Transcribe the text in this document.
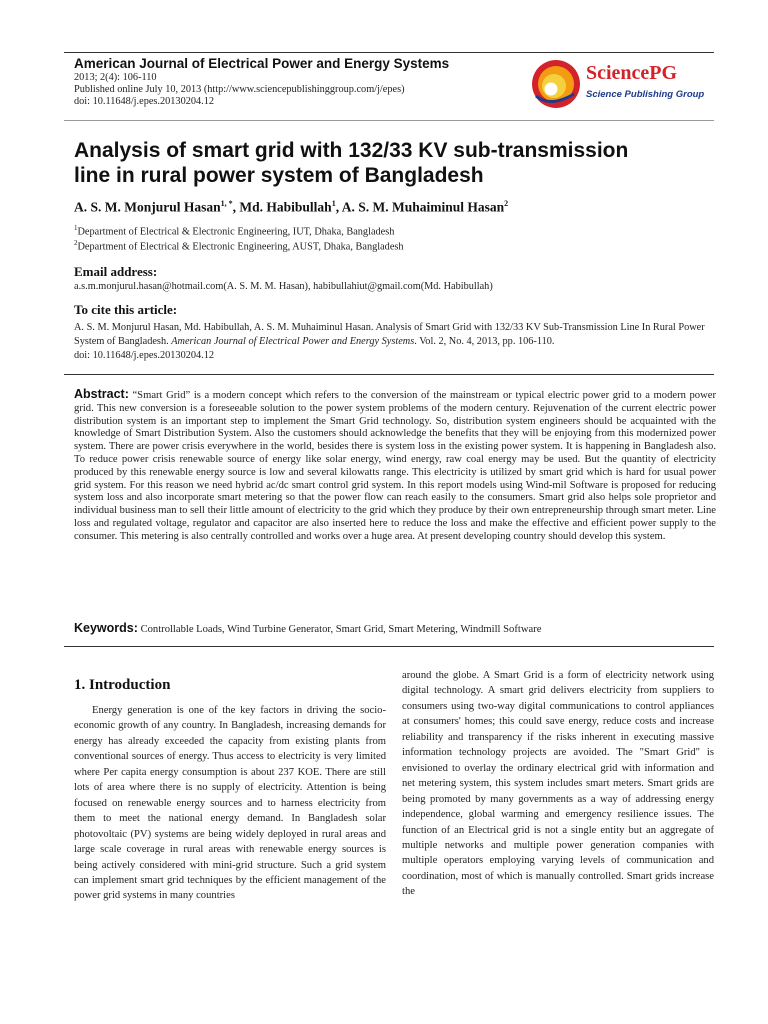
American Journal of Electrical Power and Energy Systems
2013; 2(4): 106-110
Published online July 10, 2013 (http://www.sciencepublishinggroup.com/j/epes)
doi: 10.11648/j.epes.20130204.12
SciencePG
Science Publishing Group
Analysis of smart grid with 132/33 KV sub-transmission
line in rural power system of Bangladesh
A. S. M. Monjurul Hasan$^{1, *}$, Md. Habibullah$^1$, A. S. M. Muhaiminul Hasan$^2$
$^1$Department of Electrical & Electronic Engineering, IUT, Dhaka, Bangladesh
$^2$Department of Electrical & Electronic Engineering, AUST, Dhaka, Bangladesh
Email address:
a.s.m.monjurul.hasan@hotmail.com(A. S. M. M. Hasan), habibullahiut@gmail.com(Md. Habibullah)
To cite this article:
A. S. M. Monjurul Hasan, Md. Habibullah, A. S. M. Muhaiminul Hasan. Analysis of Smart Grid with 132/33 KV Sub-Transmission Line In Rural Power System of Bangladesh. American Journal of Electrical Power and Energy Systems. Vol. 2, No. 4, 2013, pp. 106-110.
doi: 10.11648/j.epes.20130204.12
Abstract: “Smart Grid” is a modern concept which refers to the conversion of the mainstream or typical electric power grid to a modern power grid. This new conversion is a foreseeable solution to the power system problems of the modern century. Rejuvenation of the current electric power distribution system is an important step to implement the Smart Grid technology. So, distribution system engineers should be acquainted with the knowledge of Smart Distribution System. Also the customers should acknowledge the benefits that they will be enjoying from this modernized power system. There are power crisis everywhere in the world, besides there is system loss in the existing power system. It is happening in Bangladesh also. To reduce power crisis renewable source of energy like solar energy, wind energy, raw coal energy may be used. But the quantity of electricity produced by this renewable energy source is low and several kilowatts range. This electricity is utilized by smart grid which is hard for usual power grid system. For this reason we need hybrid ac/dc smart control grid system. In this report models using Wind-mil Software is proposed for reducing system loss and also incorporate smart metering so that the power flow can reach easily to the consumers. Smart grid also helps sole proprietor and individual business man to sell their little amount of electricity to the grid which they produce by their own entrepreneurship through smart meter. Line loss and regulated voltage, regulator and capacitor are also inserted here to reduce the loss and make the effective and efficient power supply to the consumer. This metering is also centrally controlled and works over a huge area. At present developing country should develop this system.
Keywords: Controllable Loads, Wind Turbine Generator, Smart Grid, Smart Metering, Windmill Software
1. Introduction
Energy generation is one of the key factors in driving the socio-economic growth of any country. In Bangladesh, increasing demands for energy has already exceeded the capacity from existing plants from conventional sources of energy. Thus access to electricity is very limited where Per capita energy consumption is about 237 KOE. There are still lots of area where there is no supply of electricity. Attention is being focused on renewable energy sources and to harness electricity from them to meet the national energy demand. In Bangladesh solar photovoltaic (PV) systems are being widely deployed in rural areas and large scale coverage in rural areas with renewable energy sources is being actively considered with mini-grid structure. Such a grid system can implement smart grid techniques by the efficient management of the power grid systems in many countries
around the globe. A Smart Grid is a form of electricity network using digital technology. A smart grid delivers electricity from suppliers to consumers using two-way digital communications to control appliances at consumers' homes; this could save energy, reduce costs and increase reliability and transparency if the risks inherent in executing massive information technology projects are avoided. The "Smart Grid" is envisioned to overlay the ordinary electrical grid with information and net metering system, this system includes smart meters. Smart grids are being promoted by many governments as a way of addressing energy independence, global warming and emergency resilience issues. The function of an Electrical grid is not a single entity but an aggregate of multiple networks and multiple power generation companies with multiple operators employing varying levels of communication and coordination, most of which is manually controlled. Smart grids increase the
